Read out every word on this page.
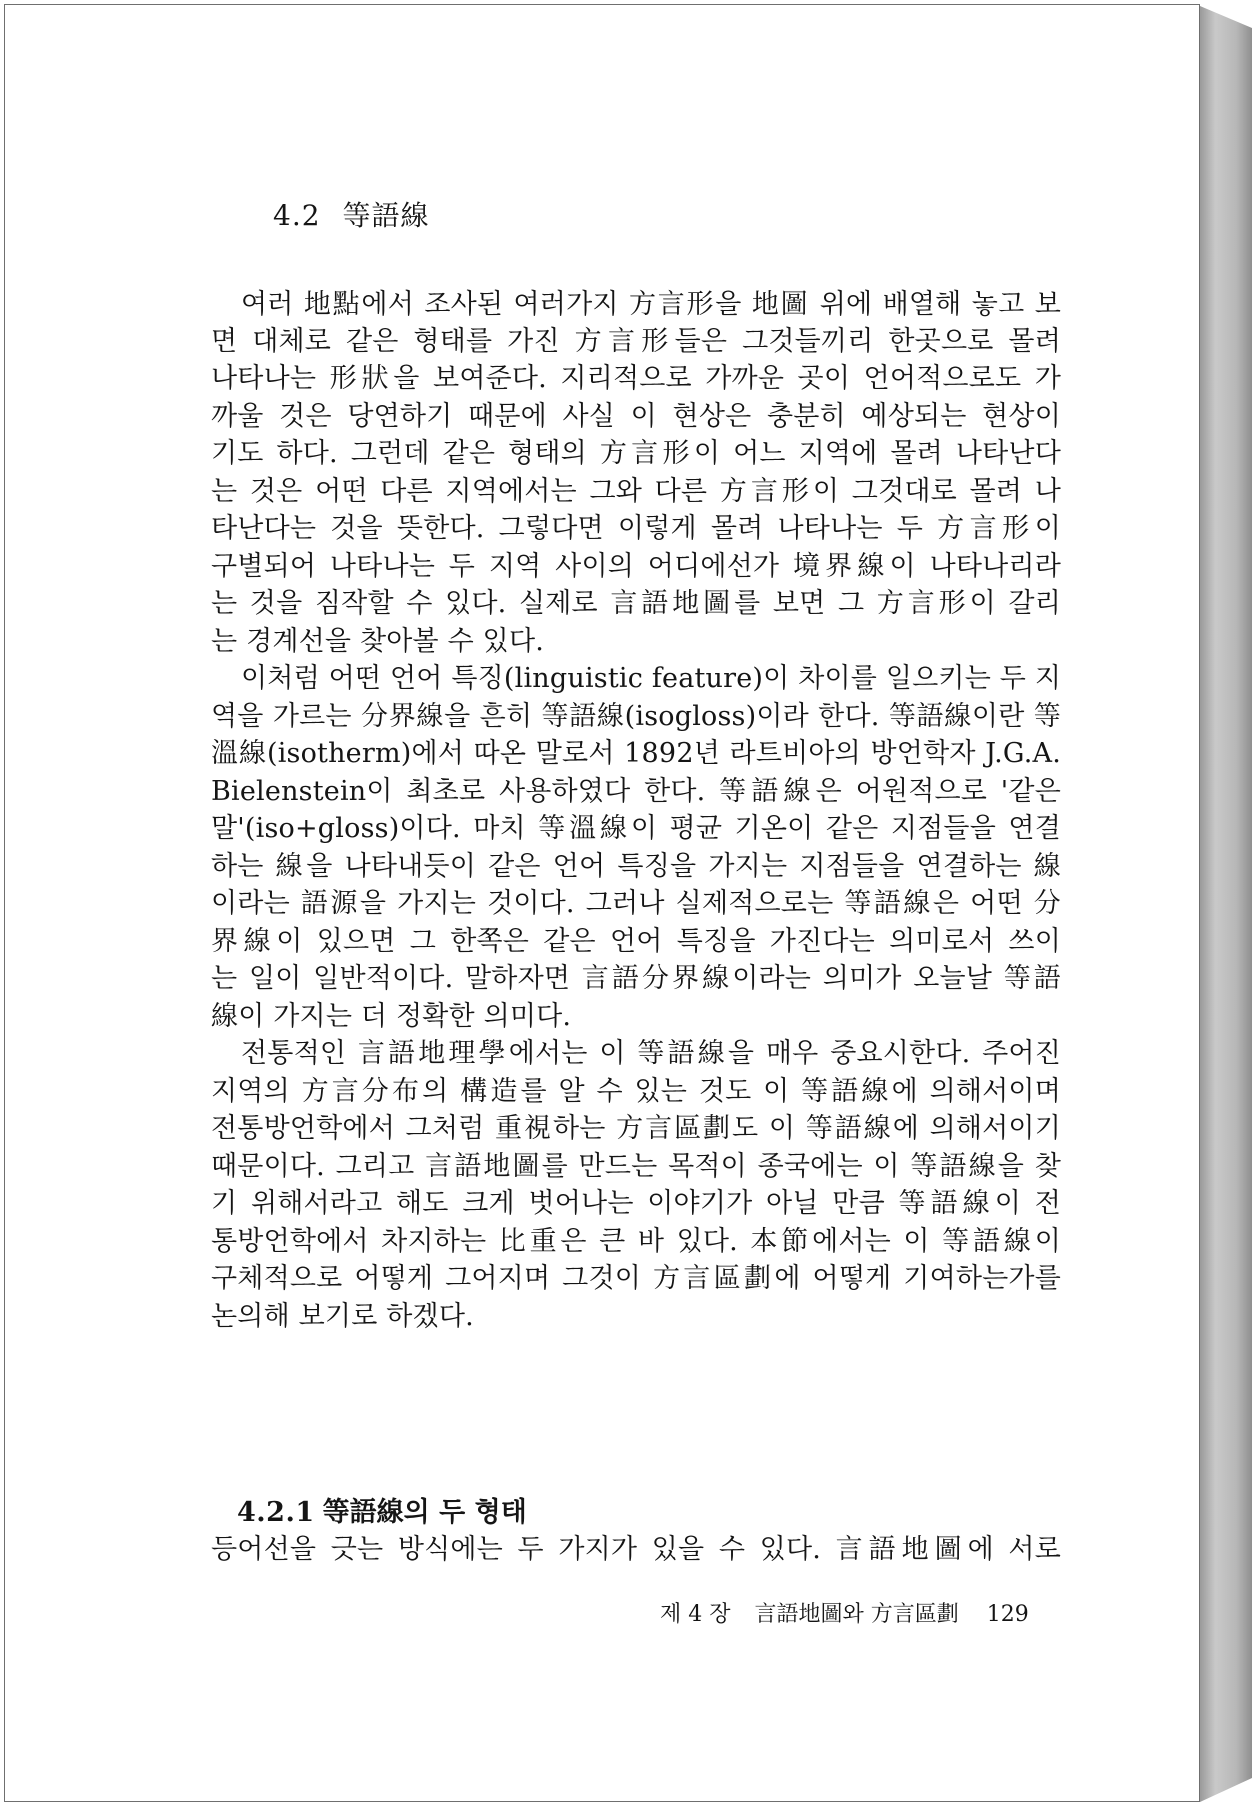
4.2 等語線
여러 地點에서 조사된 여러가지 方言形을 地圖 위에 배열해 놓고 보
면 대체로 같은 형태를 가진 方言形들은 그것들끼리 한곳으로 몰려
나타나는 形狀을 보여준다. 지리적으로 가까운 곳이 언어적으로도 가
까울 것은 당연하기 때문에 사실 이 현상은 충분히 예상되는 현상이
기도 하다. 그런데 같은 형태의 方言形이 어느 지역에 몰려 나타난다
는 것은 어떤 다른 지역에서는 그와 다른 方言形이 그것대로 몰려 나
타난다는 것을 뜻한다. 그렇다면 이렇게 몰려 나타나는 두 方言形이
구별되어 나타나는 두 지역 사이의 어디에선가 境界線이 나타나리라
는 것을 짐작할 수 있다. 실제로 言語地圖를 보면 그 方言形이 갈리
는 경계선을 찾아볼 수 있다.
이처럼 어떤 언어 특징(linguistic feature)이 차이를 일으키는 두 지
역을 가르는 分界線을 흔히 等語線(isogloss)이라 한다. 等語線이란 等
溫線(isotherm)에서 따온 말로서 1892년 라트비아의 방언학자 J.G.A.
Bielenstein이 최초로 사용하였다 한다. 等語線은 어원적으로 '같은
말'(iso+gloss)이다. 마치 等溫線이 평균 기온이 같은 지점들을 연결
하는 線을 나타내듯이 같은 언어 특징을 가지는 지점들을 연결하는 線
이라는 語源을 가지는 것이다. 그러나 실제적으로는 等語線은 어떤 分
界線이 있으면 그 한쪽은 같은 언어 특징을 가진다는 의미로서 쓰이
는 일이 일반적이다. 말하자면 言語分界線이라는 의미가 오늘날 等語
線이 가지는 더 정확한 의미다.
전통적인 言語地理學에서는 이 等語線을 매우 중요시한다. 주어진
지역의 方言分布의 構造를 알 수 있는 것도 이 等語線에 의해서이며
전통방언학에서 그처럼 重視하는 方言區劃도 이 等語線에 의해서이기
때문이다. 그리고 言語地圖를 만드는 목적이 종국에는 이 等語線을 찾
기 위해서라고 해도 크게 벗어나는 이야기가 아닐 만큼 等語線이 전
통방언학에서 차지하는 比重은 큰 바 있다. 本節에서는 이 等語線이
구체적으로 어떻게 그어지며 그것이 方言區劃에 어떻게 기여하는가를
논의해 보기로 하겠다.
4.2.1 等語線의 두 형태
등어선을 긋는 방식에는 두 가지가 있을 수 있다. 言語地圖에 서로
제 4 장 言語地圖와 方言區劃 129
